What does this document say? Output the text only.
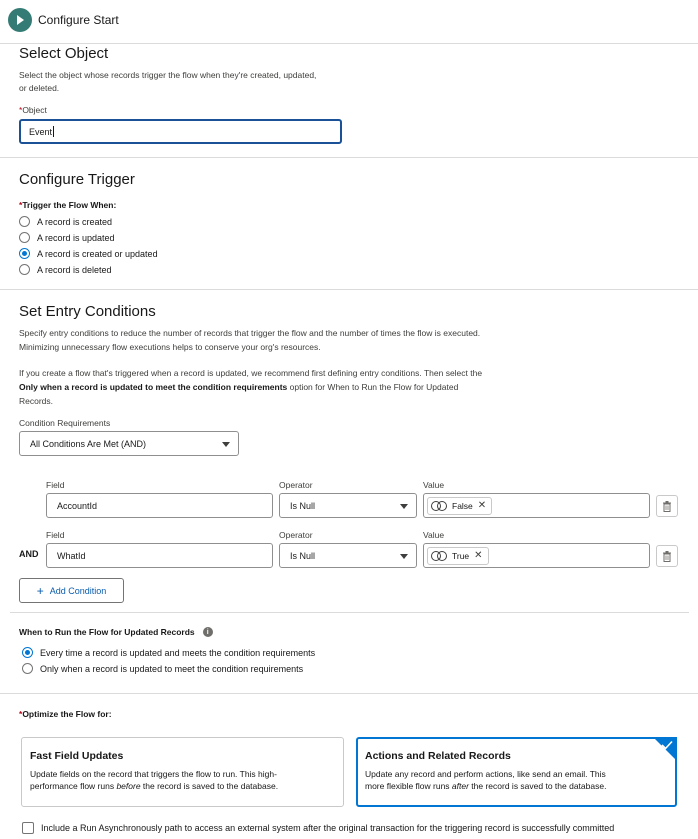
Configure Start
Select Object
Select the object whose records trigger the flow when they're created, updated,
or deleted.
*Object
Event
Configure Trigger
*Trigger the Flow When:
A record is created
A record is updated
A record is created or updated
A record is deleted
Set Entry Conditions
Specify entry conditions to reduce the number of records that trigger the flow and the number of times the flow is executed.
Minimizing unnecessary flow executions helps to conserve your org's resources.
If you create a flow that's triggered when a record is updated, we recommend first defining entry conditions. Then select the
Only when a record is updated to meet the condition requirements option for When to Run the Flow for Updated
Records.
Condition Requirements
All Conditions Are Met (AND)
Field	Operator	Value
AccountId	Is Null	False ✕
Field	Operator	Value
AND WhatId	Is Null	True ✕
+ Add Condition
When to Run the Flow for Updated Records	i
Every time a record is updated and meets the condition requirements
Only when a record is updated to meet the condition requirements
*Optimize the Flow for:
Fast Field Updates
Update fields on the record that triggers the flow to run. This high-
performance flow runs before the record is saved to the database.
Actions and Related Records
Update any record and perform actions, like send an email. This
more flexible flow runs after the record is saved to the database.
Include a Run Asynchronously path to access an external system after the original transaction for the triggering record is successfully committed
